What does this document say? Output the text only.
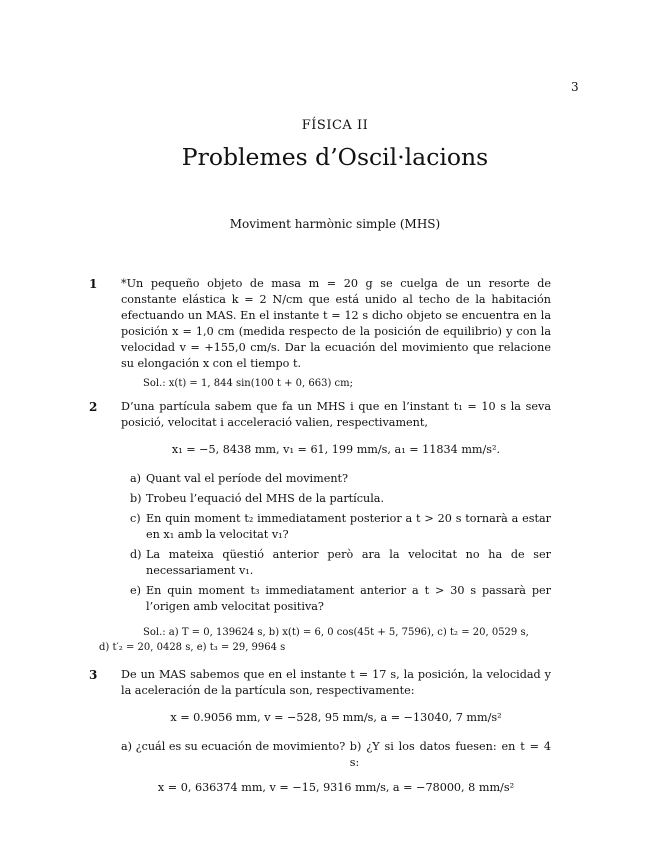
3
FÍSICA II
Problemes d’Oscil·lacions
Moviment harmònic simple (MHS)
1 *Un pequeño objeto de masa m = 20 g se cuelga de un resorte de constante elástica k = 2 N/cm que está unido al techo de la habitación efectuando un MAS. En el instante t = 12 s dicho objeto se encuentra en la posición x = 1,0 cm (medida respecto de la posición de equilibrio) y con la velocidad v = +155,0 cm/s. Dar la ecuación del movimiento que relacione su elongación x con el tiempo t.

Sol.: x(t) = 1, 844 sin(100 t + 0, 663) cm;
2 D’una partícula sabem que fa un MHS i que en l’instant t₁ = 10 s la seva posició, velocitat i acceleració valien, respectivament,

x₁ = −5, 8438 mm, v₁ = 61, 199 mm/s, a₁ = 11834 mm/s².
a) Quant val el període del moviment?
b) Trobeu l’equació del MHS de la partícula.
c) En quin moment t₂ immediatament posterior a t > 20 s tornarà a estar en x₁ amb la velocitat v₁?
d) La mateixa qüestió anterior però ara la velocitat no ha de ser necessariament v₁.
e) En quin moment t₃ immediatament anterior a t > 30 s passarà per l’origen amb velocitat positiva?
Sol.: a) T = 0, 139624 s, b) x(t) = 6, 0 cos(45t + 5, 7596), c) t₂ = 20, 0529 s,
d) t′₂ = 20, 0428 s, e) t₃ = 29, 9964 s
3 De un MAS sabemos que en el instante t = 17 s, la posición, la velocidad y la aceleración de la partícula son, respectivamente:

x = 0.9056 mm, v = −528, 95 mm/s, a = −13040, 7 mm/s²
a) ¿cuál es su ecuación de movimiento? b) ¿Y si los datos fuesen: en t = 4 s:
x = 0, 636374 mm, v = −15, 9316 mm/s, a = −78000, 8 mm/s²
